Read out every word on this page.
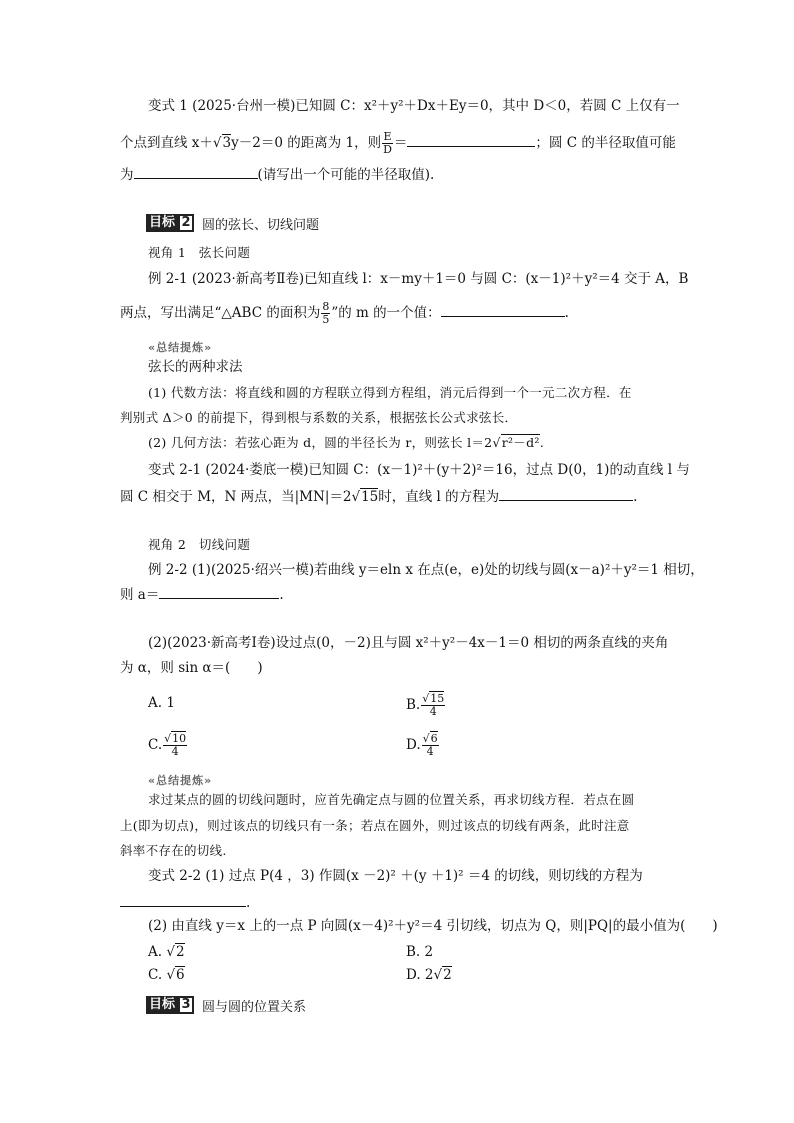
变式 1 (2025·台州一模)已知圆 C：x²＋y²＋Dx＋Ey＝0，其中 D＜0，若圆 C 上仅有一
个点到直线 x＋√3y－2＝0 的距离为 1，则 $\frac{E}{D}$ ＝	；圆 C 的半径取值可能
为	(请写出一个可能的半径取值).
目标 2 圆的弦长、切线问题
视角 1　弦长问题
例 2-1 (2023·新高考Ⅱ卷)已知直线 l：x－my＋1＝0 与圆 C：(x－1)²＋y²＝4 交于 A，B
两点，写出满足“△ABC 的面积为 $\frac{8}{5}$ ”的 m 的一个值：	.
«总结提炼»
弦长的两种求法
(1) 代数方法：将直线和圆的方程联立得到方程组，消元后得到一个一元二次方程．在
判别式 Δ＞0 的前提下，得到根与系数的关系，根据弦长公式求弦长．
(2) 几何方法：若弦心距为 d，圆的半径长为 r，则弦长 l＝2√r²－d².
变式 2-1 (2024·娄底一模)已知圆 C：(x－1)²＋(y＋2)²＝16，过点 D(0，1)的动直线 l 与
圆 C 相交于 M，N 两点，当|MN|＝2√15时，直线 l 的方程为	.
视角 2　切线问题
例 2-2 (1)(2025·绍兴一模)若曲线 y＝eln x 在点(e，e)处的切线与圆(x－a)²＋y²＝1 相切，
则 a＝	.
(2)(2023·新高考Ⅰ卷)设过点(0，－2)且与圆 x²＋y²－4x－1＝0 相切的两条直线的夹角
为 α，则 sin α＝(　　)
A. 1	B. $\frac{√15}{4}$
C. $\frac{√10}{4}$	D. $\frac{√6}{4}$
«总结提炼»
求过某点的圆的切线问题时，应首先确定点与圆的位置关系，再求切线方程．若点在圆
上(即为切点)，则过该点的切线只有一条；若点在圆外，则过该点的切线有两条，此时注意
斜率不存在的切线.
变式 2-2 (1) 过点 P(4 ，3) 作圆(x －2)² ＋(y ＋1)² ＝4 的切线，则切线的方程为
.
(2) 由直线 y＝x 上的一点 P 向圆(x－4)²＋y²＝4 引切线，切点为 Q，则|PQ|的最小值为(　　)
A. √2	B. 2
C. √6	D. 2√2
目标 3 圆与圆的位置关系
